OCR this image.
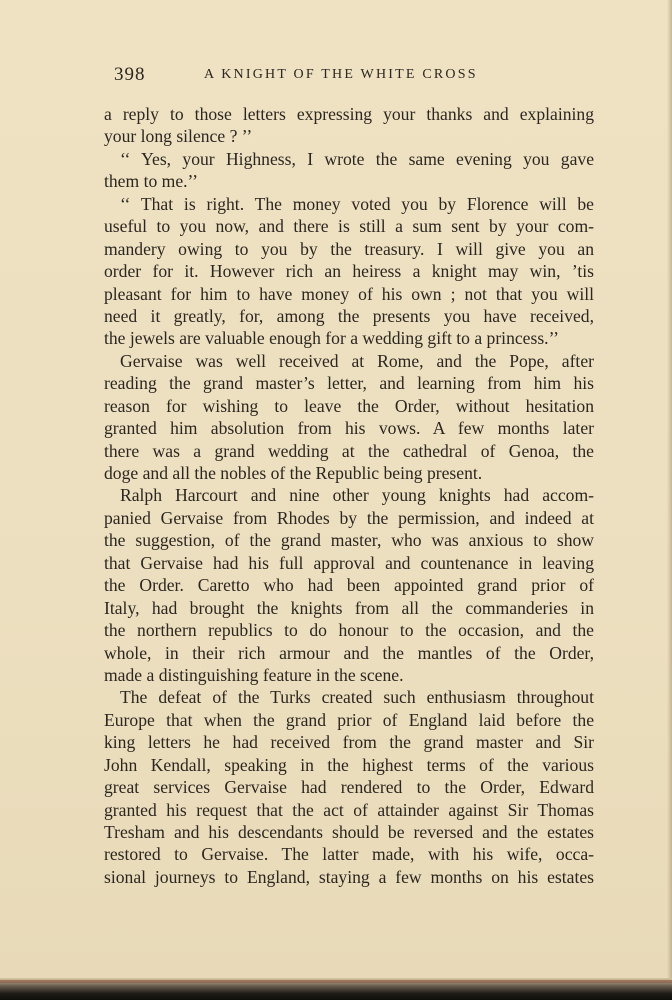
398	A KNIGHT OF THE WHITE CROSS
a reply to those letters expressing your thanks and explaining
your long silence ? ’’
‘‘ Yes, your Highness, I wrote the same evening you gave
them to me.’’
‘‘ That is right. The money voted you by Florence will be
useful to you now, and there is still a sum sent by your com-
mandery owing to you by the treasury. I will give you an
order for it. However rich an heiress a knight may win, ’tis
pleasant for him to have money of his own ; not that you will
need it greatly, for, among the presents you have received,
the jewels are valuable enough for a wedding gift to a princess.’’
Gervaise was well received at Rome, and the Pope, after
reading the grand master’s letter, and learning from him his
reason for wishing to leave the Order, without hesitation
granted him absolution from his vows. A few months later
there was a grand wedding at the cathedral of Genoa, the
doge and all the nobles of the Republic being present.
Ralph Harcourt and nine other young knights had accom-
panied Gervaise from Rhodes by the permission, and indeed at
the suggestion, of the grand master, who was anxious to show
that Gervaise had his full approval and countenance in leaving
the Order. Caretto who had been appointed grand prior of
Italy, had brought the knights from all the commanderies in
the northern republics to do honour to the occasion, and the
whole, in their rich armour and the mantles of the Order,
made a distinguishing feature in the scene.
The defeat of the Turks created such enthusiasm throughout
Europe that when the grand prior of England laid before the
king letters he had received from the grand master and Sir
John Kendall, speaking in the highest terms of the various
great services Gervaise had rendered to the Order, Edward
granted his request that the act of attainder against Sir Thomas
Tresham and his descendants should be reversed and the estates
restored to Gervaise. The latter made, with his wife, occa-
sional journeys to England, staying a few months on his estates
